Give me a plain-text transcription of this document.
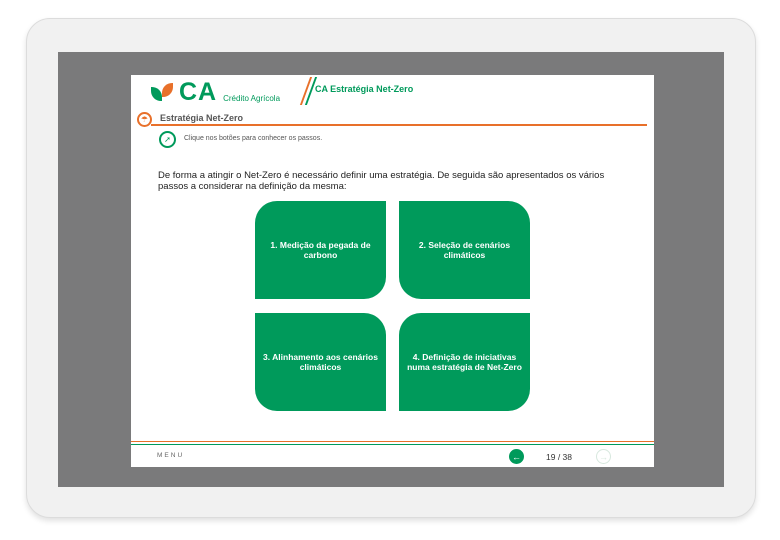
CA Crédito Agrícola
CA Estratégia Net-Zero
☂	Estratégia Net-Zero
➚	Clique nos botões para conhecer os passos.
De forma a atingir o Net-Zero é necessário definir uma estratégia. De seguida são apresentados os vários passos a considerar na definição da mesma:
1. Medição da pegada de carbono
2. Seleção de cenários climáticos
3. Alinhamento aos cenários climáticos
4. Definição de iniciativas numa estratégia de Net-Zero
MENU	←	19 / 38	→
